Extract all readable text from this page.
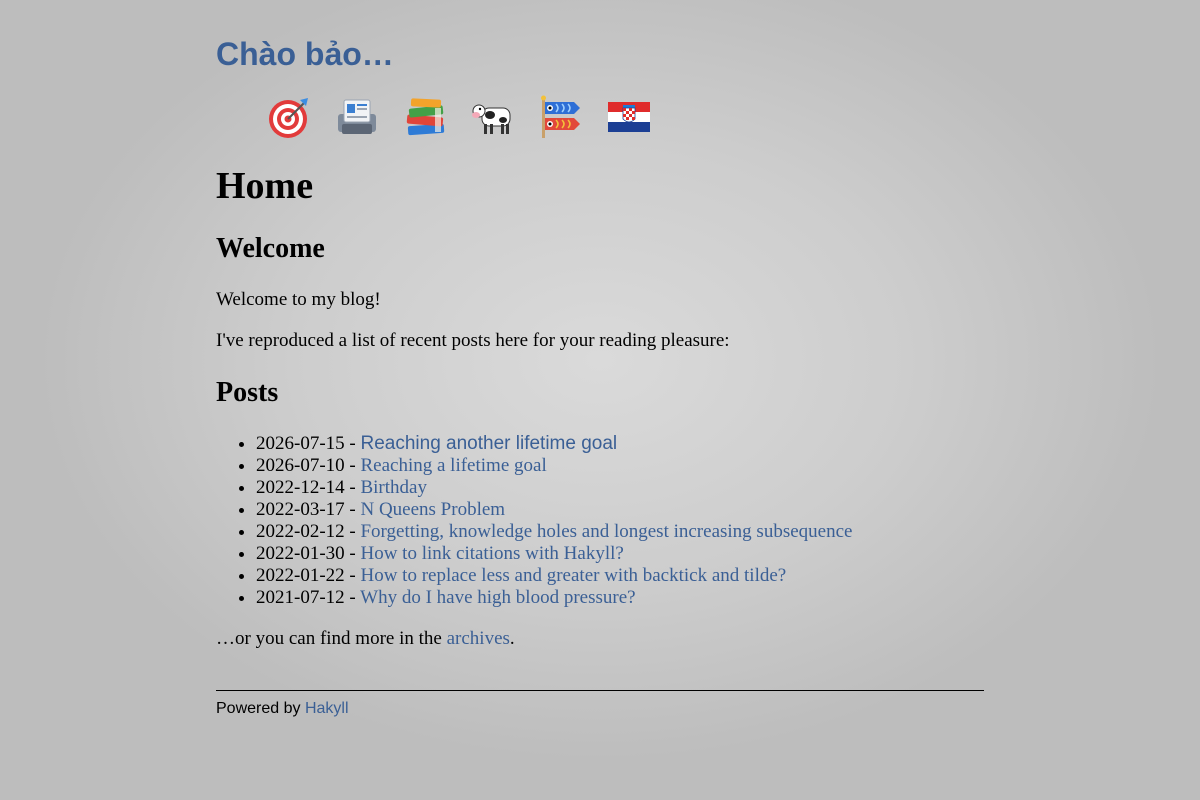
Chào bảo…
Home
Welcome

Welcome to my blog!

I've reproduced a list of recent posts here for your reading pleasure:

Posts
• 2026-07-15 - Reaching another lifetime goal
• 2026-07-10 - Reaching a lifetime goal
• 2022-12-14 - Birthday
• 2022-03-17 - N Queens Problem
• 2022-02-12 - Forgetting, knowledge holes and longest increasing subsequence
• 2022-01-30 - How to link citations with Hakyll?
• 2022-01-22 - How to replace less and greater with backtick and tilde?
• 2021-07-12 - Why do I have high blood pressure?

…or you can find more in the archives.

Powered by Hakyll
